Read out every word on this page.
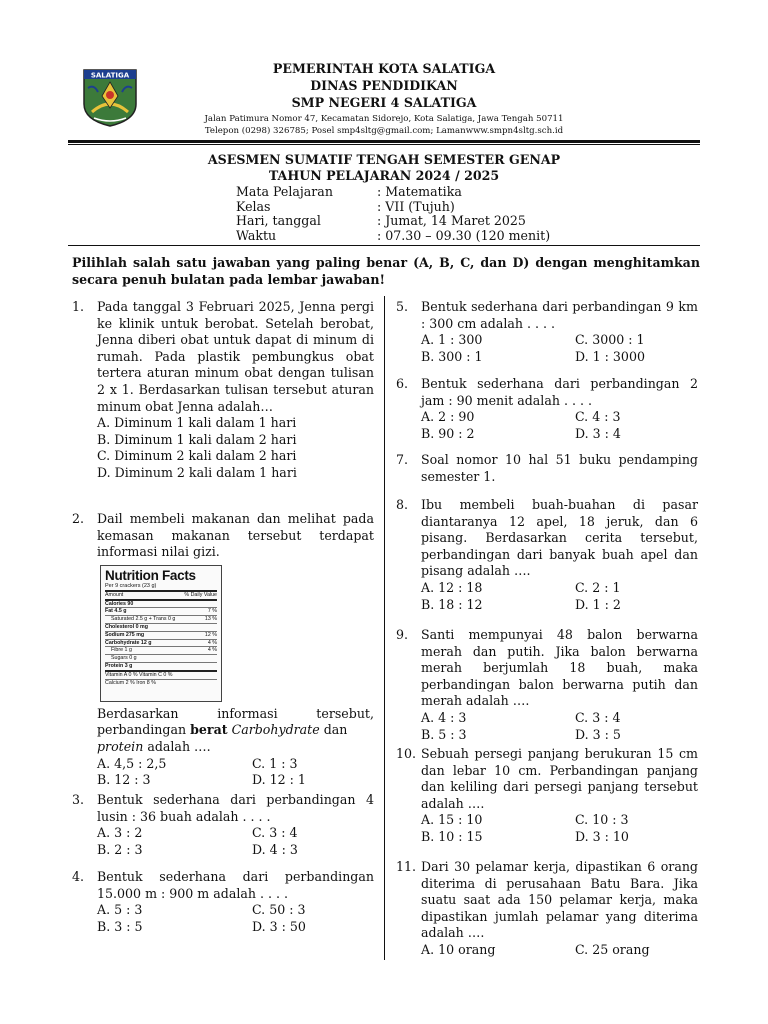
SALATIGA	PEMERINTAH KOTA SALATIGA
DINAS PENDIDIKAN
SMP NEGERI 4 SALATIGA
Jalan Patimura Nomor 47, Kecamatan Sidorejo, Kota Salatiga, Jawa Tengah 50711
Telepon (0298) 326785; Posel smp4sltg@gmail.com; Lamanwww.smpn4sltg.sch.id
ASESMEN SUMATIF TENGAH SEMESTER GENAP
TAHUN PELAJARAN 2024 / 2025
Mata Pelajaran	: Matematika
Kelas	: VII (Tujuh)
Hari, tanggal	: Jumat, 14 Maret 2025
Waktu	: 07.30 – 09.30 (120 menit)
Pilihlah salah satu jawaban yang paling benar (A, B, C, dan D) dengan menghitamkan secara penuh bulatan pada lembar jawaban!
1. Pada tanggal 3 Februari 2025, Jenna pergi ke klinik untuk berobat. Setelah berobat, Jenna diberi obat untuk dapat di minum di rumah. Pada plastik pembungkus obat tertera aturan minum obat dengan tulisan 2 x 1. Berdasarkan tulisan tersebut aturan minum obat Jenna adalah…
A. Diminum 1 kali dalam 1 hari
B. Diminum 1 kali dalam 2 hari
C. Diminum 2 kali dalam 2 hari
D. Diminum 2 kali dalam 1 hari
2. Dail membeli makanan dan melihat pada kemasan makanan tersebut terdapat informasi nilai gizi.
Nutrition Facts
Per 9 crackers (23 g)
Amount	% Daily Value
Calories 90
Fat 4.5 g	7 %
Saturated 2.5 g + Trans 0 g	13 %
Cholesterol 0 mg
Sodium 275 mg	12 %
Carbohydrate 12 g	4 %
Fibre 1 g	4 %
Sugars 0 g
Protein 3 g
Vitamin A 0 % Vitamin C 0 %
Calcium 2 % Iron 8 %
Berdasarkan informasi tersebut, perbandingan berat Carbohydrate dan
protein adalah ….
A. 4,5 : 2,5	C. 1 : 3
B. 12 : 3	D. 12 : 1
3. Bentuk sederhana dari perbandingan 4 lusin : 36 buah adalah . . . .
A. 3 : 2	C. 3 : 4
B. 2 : 3	D. 4 : 3
4. Bentuk sederhana dari perbandingan 15.000 m : 900 m adalah . . . .
A. 5 : 3	C. 50 : 3
B. 3 : 5	D. 3 : 50
5. Bentuk sederhana dari perbandingan 9 km : 300 cm adalah . . . .
A. 1 : 300	C. 3000 : 1
B. 300 : 1	D. 1 : 3000
6. Bentuk sederhana dari perbandingan 2 jam : 90 menit adalah . . . .
A. 2 : 90	C. 4 : 3
B. 90 : 2	D. 3 : 4
7. Soal nomor 10 hal 51 buku pendamping semester 1.
8. Ibu membeli buah-buahan di pasar diantaranya 12 apel, 18 jeruk, dan 6 pisang. Berdasarkan cerita tersebut, perbandingan dari banyak buah apel dan pisang adalah ….
A. 12 : 18	C. 2 : 1
B. 18 : 12	D. 1 : 2
9. Santi mempunyai 48 balon berwarna merah dan putih. Jika balon berwarna merah berjumlah 18 buah, maka perbandingan balon berwarna putih dan merah adalah ….
A. 4 : 3	C. 3 : 4
B. 5 : 3	D. 3 : 5
10. Sebuah persegi panjang berukuran 15 cm dan lebar 10 cm. Perbandingan panjang dan keliling dari persegi panjang tersebut adalah ….
A. 15 : 10	C. 10 : 3
B. 10 : 15	D. 3 : 10
11. Dari 30 pelamar kerja, dipastikan 6 orang diterima di perusahaan Batu Bara. Jika suatu saat ada 150 pelamar kerja, maka dipastikan jumlah pelamar yang diterima adalah ….
A. 10 orang	C. 25 orang
